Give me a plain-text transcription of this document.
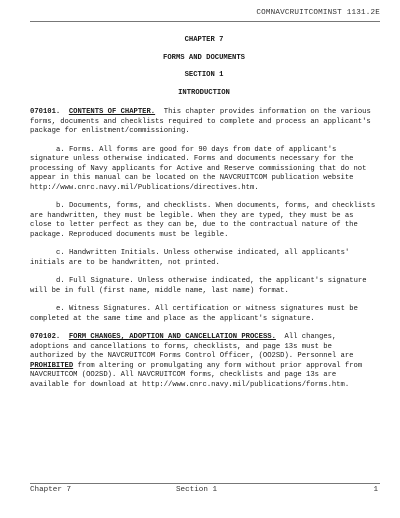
COMNAVCRUITCOMINST 1131.2E
CHAPTER 7
FORMS AND DOCUMENTS
SECTION 1
INTRODUCTION

070101. CONTENTS OF CHAPTER. This chapter provides information on the various forms, documents and checklists required to complete and process an applicant's package for enlistment/commissioning.

a. Forms. All forms are good for 90 days from date of applicant's signature unless otherwise indicated. Forms and documents necessary for the processing of Navy applicants for Active and Reserve commissioning that do not appear in this manual can be located on the NAVCRUITCOM publication website http://www.cnrc.navy.mil/Publications/directives.htm.

b. Documents, forms, and checklists. When documents, forms, and checklists are handwritten, they must be legible. When they are typed, they must be as close to letter perfect as they can be, due to the contractual nature of the package. Reproduced documents must be legible.

c. Handwritten Initials. Unless otherwise indicated, all applicants' initials are to be handwritten, not printed.

d. Full Signature. Unless otherwise indicated, the applicant's signature will be in full (first name, middle name, last name) format.

e. Witness Signatures. All certification or witness signatures must be completed at the same time and place as the applicant's signature.

070102. FORM CHANGES, ADOPTION AND CANCELLATION PROCESS. All changes, adoptions and cancellations to forms, checklists, and page 13s must be authorized by the NAVCRUITCOM Forms Control Officer, (OO2SD). Personnel are PROHIBITED from altering or promulgating any form without prior approval from NAVCRUITCOM (OO2SD). All NAVCRUITCOM forms, checklists and page 13s are available for download at http://www.cnrc.navy.mil/publications/forms.htm.

Chapter 7	Section 1	1
